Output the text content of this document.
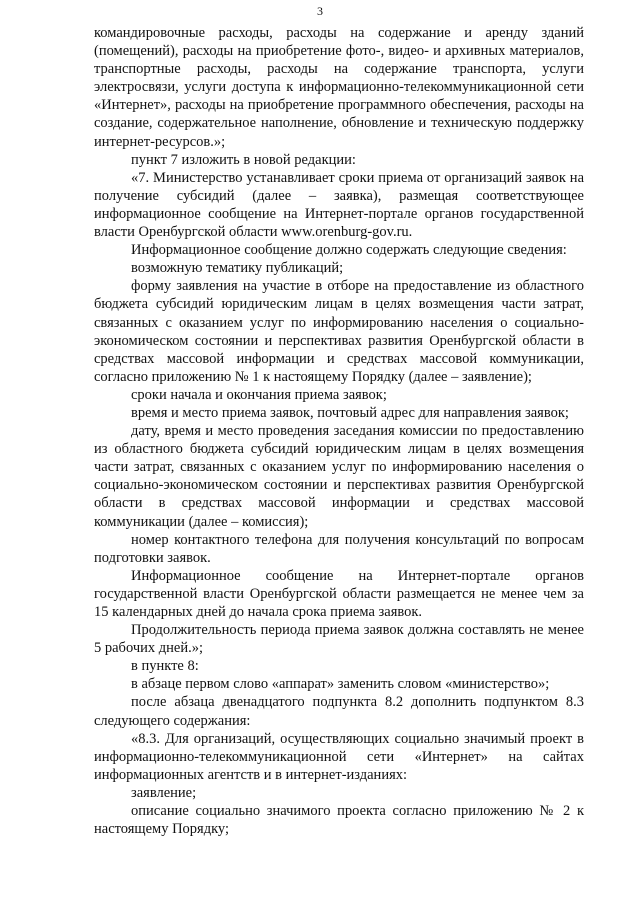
3

командировочные расходы, расходы на содержание и аренду зданий (помещений), расходы на приобретение фото-, видео- и архивных материалов, транспортные расходы, расходы на содержание транспорта, услуги электросвязи, услуги доступа к информационно-телекоммуникационной сети «Интернет», расходы на приобретение программного обеспечения, расходы на создание, содержательное наполнение, обновление и техническую поддержку интернет-ресурсов.»;

пункт 7 изложить в новой редакции:

«7. Министерство устанавливает сроки приема от организаций заявок на получение субсидий (далее – заявка), размещая соответствующее информационное сообщение на Интернет-портале органов государственной власти Оренбургской области www.orenburg-gov.ru.

Информационное сообщение должно содержать следующие сведения:

возможную тематику публикаций;

форму заявления на участие в отборе на предоставление из областного бюджета субсидий юридическим лицам в целях возмещения части затрат, связанных с оказанием услуг по информированию населения о социально-экономическом состоянии и перспективах развития Оренбургской области в средствах массовой информации и средствах массовой коммуникации, согласно приложению № 1 к настоящему Порядку (далее – заявление);

сроки начала и окончания приема заявок;

время и место приема заявок, почтовый адрес для направления заявок;

дату, время и место проведения заседания комиссии по предоставлению из областного бюджета субсидий юридическим лицам в целях возмещения части затрат, связанных с оказанием услуг по информированию населения о социально-экономическом состоянии и перспективах развития Оренбургской области в средствах массовой информации и средствах массовой коммуникации (далее – комиссия);

номер контактного телефона для получения консультаций по вопросам подготовки заявок.

Информационное сообщение на Интернет-портале органов государственной власти Оренбургской области размещается не менее чем за 15 календарных дней до начала срока приема заявок.

Продолжительность периода приема заявок должна составлять не менее 5 рабочих дней.»;

в пункте 8:

в абзаце первом слово «аппарат» заменить словом «министерство»;

после абзаца двенадцатого подпункта 8.2 дополнить подпунктом 8.3 следующего содержания:

«8.3. Для организаций, осуществляющих социально значимый проект в информационно-телекоммуникационной сети «Интернет» на сайтах информационных агентств и в интернет-изданиях:

заявление;

описание социально значимого проекта согласно приложению № 2 к настоящему Порядку;
